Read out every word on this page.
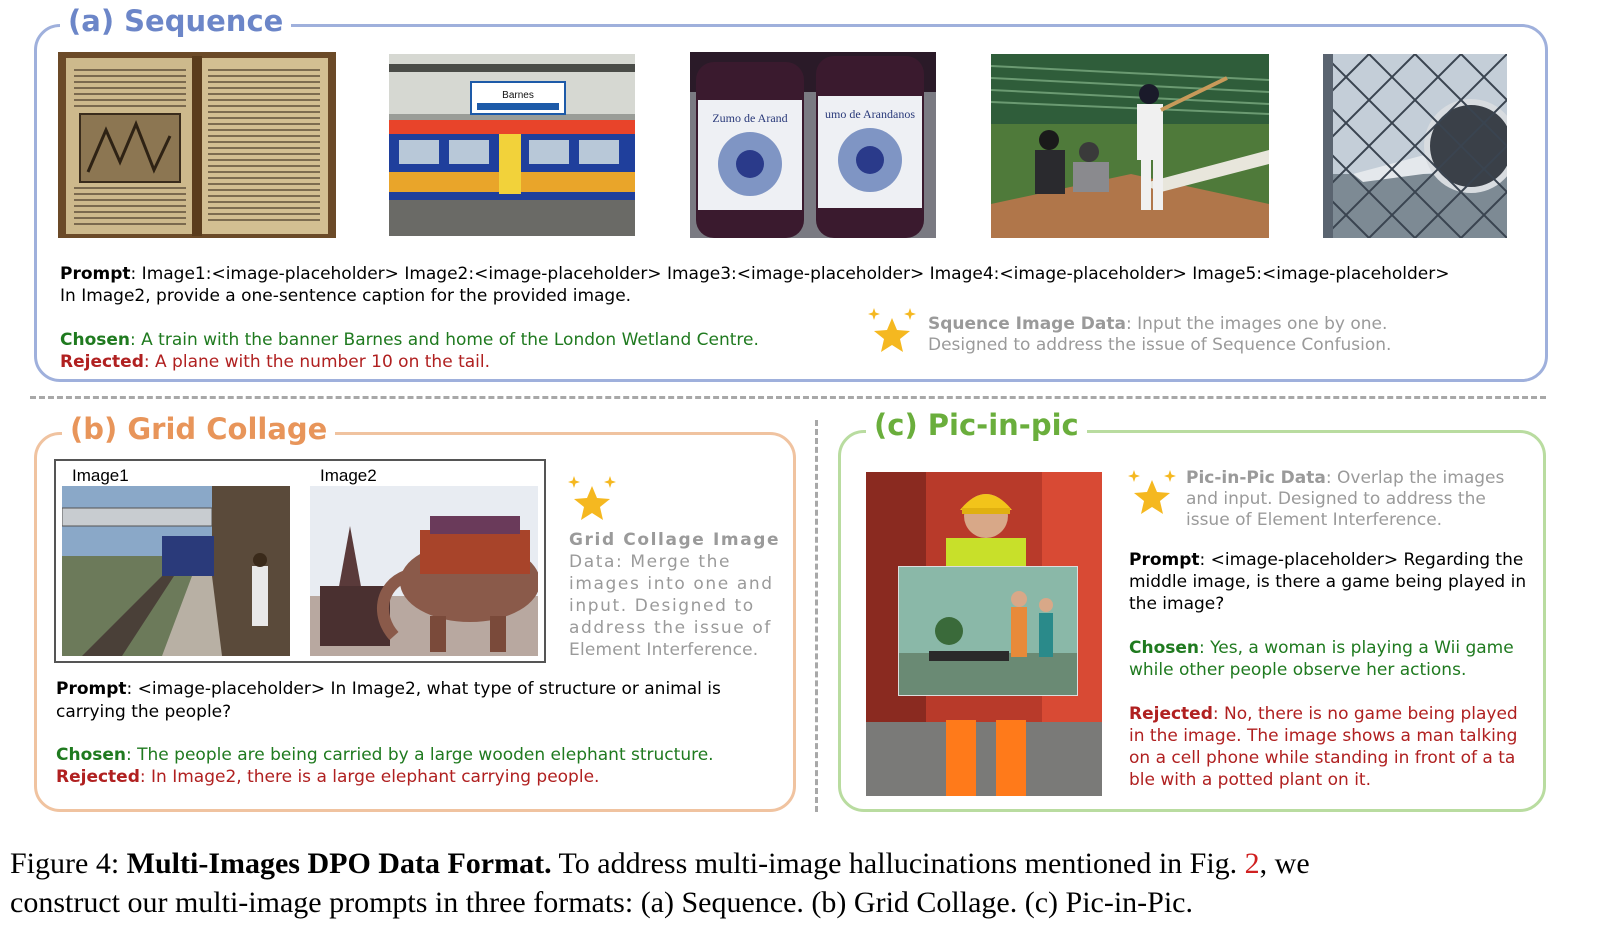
(a) Sequence
Barnes
Zumo de Arand	umo de Arandanos
Prompt: Image1:<image-placeholder> Image2:<image-placeholder> Image3:<image-placeholder> Image4:<image-placeholder> Image5:<image-placeholder>
In Image2, provide a one-sentence caption for the provided image.
Chosen: A train with the banner Barnes and home of the London Wetland Centre.
Rejected: A plane with the number 10 on the tail.
Squence Image Data: Input the images one by one.
Designed to address the issue of Sequence Confusion.
(b) Grid Collage
Image1	Image2
Grid Collage Image
Data: Merge the
images into one and
input. Designed to
address the issue of
Element Interference.
Prompt: <image-placeholder> In Image2, what type of structure or animal is
carrying the people?
Chosen: The people are being carried by a large wooden elephant structure.
Rejected: In Image2, there is a large elephant carrying people.
(c) Pic-in-pic
Pic-in-Pic Data: Overlap the images
and input. Designed to address the
issue of Element Interference.
Prompt: <image-placeholder> Regarding the
middle image, is there a game being played in
the image?
Chosen: Yes, a woman is playing a Wii game
while other people observe her actions.
Rejected: No, there is no game being played
in the image. The image shows a man talking
on a cell phone while standing in front of a ta
ble with a potted plant on it.
Figure 4: Multi-Images DPO Data Format. To address multi-image hallucinations mentioned in Fig. 2, we
construct our multi-image prompts in three formats: (a) Sequence. (b) Grid Collage. (c) Pic-in-Pic.
